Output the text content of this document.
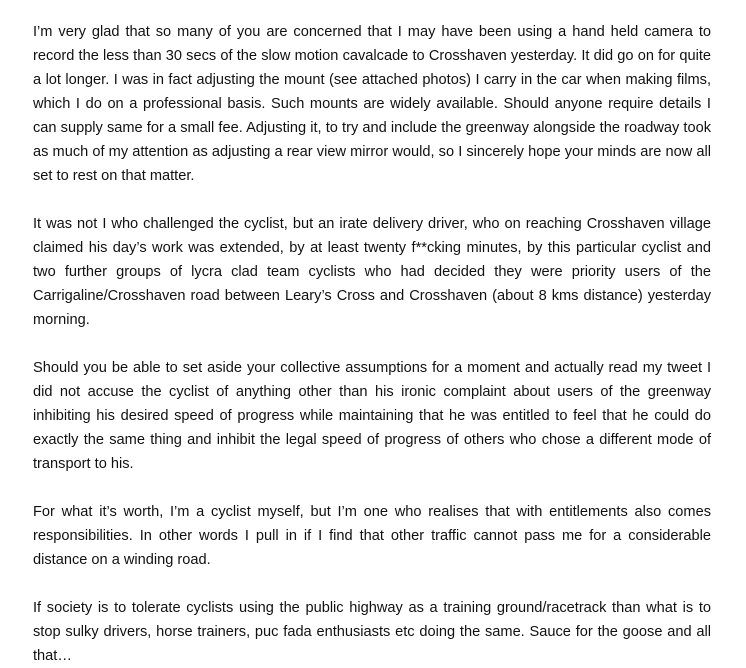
I’m very glad that so many of you are concerned that I may have been using a hand held camera to record the less than 30 secs of the slow motion cavalcade to Crosshaven yesterday. It did go on for quite a lot longer. I was in fact adjusting the mount (see attached photos) I carry in the car when making films, which I do on a professional basis. Such mounts are widely available. Should anyone require details I can supply same for a small fee. Adjusting it, to try and include the greenway alongside the roadway took as much of my attention as adjusting a rear view mirror would, so I sincerely hope your minds are now all set to rest on that matter.

It was not I who challenged the cyclist, but an irate delivery driver, who on reaching Crosshaven village claimed his day’s work was extended, by at least twenty f**cking minutes, by this particular cyclist and two further groups of lycra clad team cyclists who had decided they were priority users of the Carrigaline/Crosshaven road between Leary’s Cross and Crosshaven (about 8 kms distance) yesterday morning.

Should you be able to set aside your collective assumptions for a moment and actually read my tweet I did not accuse the cyclist of anything other than his ironic complaint about users of the greenway inhibiting his desired speed of progress while maintaining that he was entitled to feel that he could do exactly the same thing and inhibit the legal speed of progress of others who chose a different mode of transport to his.

For what it’s worth, I’m a cyclist myself, but I’m one who realises that with entitlements also comes responsibilities. In other words I pull in if I find that other traffic cannot pass me for a considerable distance on a winding road.

If society is to tolerate cyclists using the public highway as a training ground/racetrack than what is to stop sulky drivers, horse trainers, puc fada enthusiasts etc doing the same. Sauce for the goose and all that…
